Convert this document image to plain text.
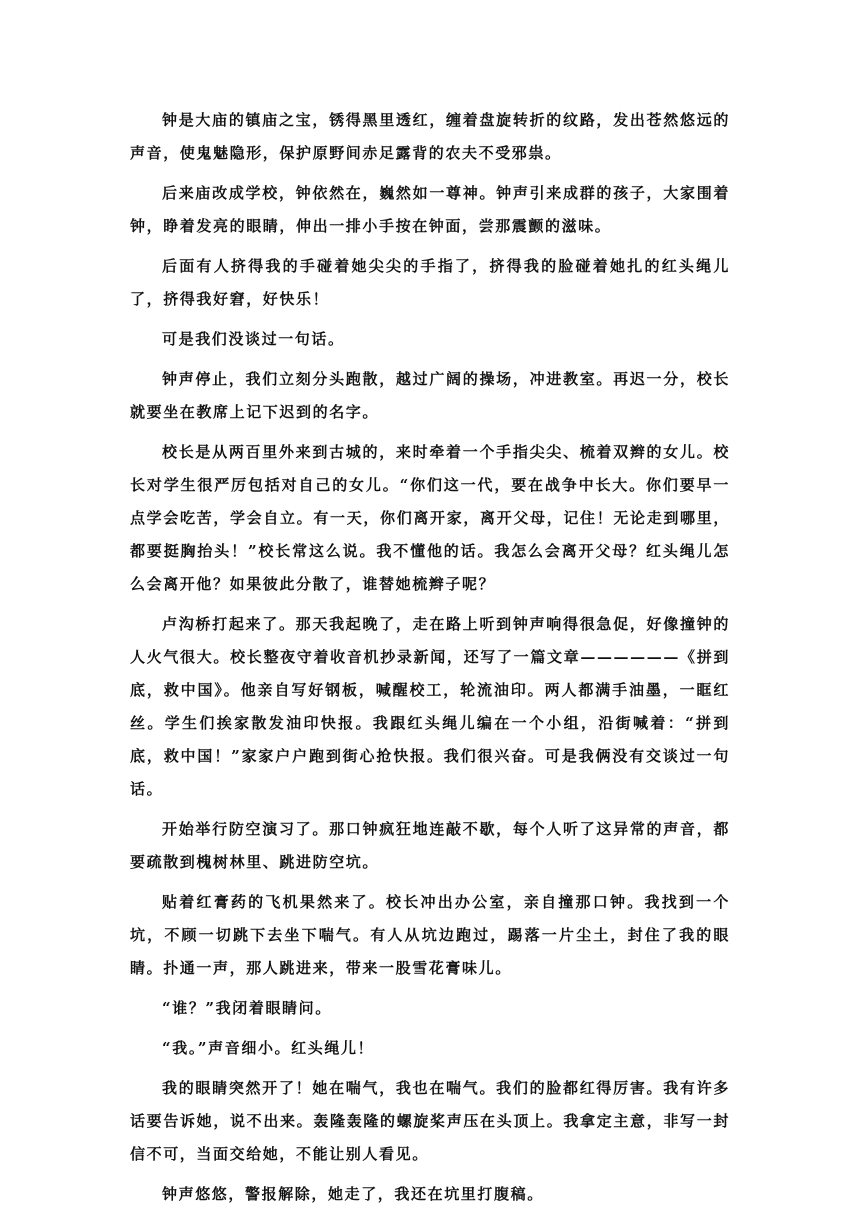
钟是大庙的镇庙之宝，锈得黑里透红，缠着盘旋转折的纹路，发出苍然悠远的声音，使鬼魅隐形，保护原野间赤足露背的农夫不受邪祟。

后来庙改成学校，钟依然在，巍然如一尊神。钟声引来成群的孩子，大家围着钟，睁着发亮的眼睛，伸出一排小手按在钟面，尝那震颤的滋味。

后面有人挤得我的手碰着她尖尖的手指了，挤得我的脸碰着她扎的红头绳儿了，挤得我好窘，好快乐！

可是我们没谈过一句话。

钟声停止，我们立刻分头跑散，越过广阔的操场，冲进教室。再迟一分，校长就要坐在教席上记下迟到的名字。

校长是从两百里外来到古城的，来时牵着一个手指尖尖、梳着双辫的女儿。校长对学生很严厉包括对自己的女儿。“你们这一代，要在战争中长大。你们要早一点学会吃苦，学会自立。有一天，你们离开家，离开父母，记住！无论走到哪里，都要挺胸抬头！”校长常这么说。我不懂他的话。我怎么会离开父母？红头绳儿怎么会离开他？如果彼此分散了，谁替她梳辫子呢？

卢沟桥打起来了。那天我起晚了，走在路上听到钟声响得很急促，好像撞钟的人火气很大。校长整夜守着收音机抄录新闻，还写了一篇文章——————《拼到底，救中国》。他亲自写好钢板，喊醒校工，轮流油印。两人都满手油墨，一眶红丝。学生们挨家散发油印快报。我跟红头绳儿编在一个小组，沿街喊着：“拼到底，救中国！”家家户户跑到街心抢快报。我们很兴奋。可是我俩没有交谈过一句话。

开始举行防空演习了。那口钟疯狂地连敲不歇，每个人听了这异常的声音，都要疏散到槐树林里、跳进防空坑。

贴着红膏药的飞机果然来了。校长冲出办公室，亲自撞那口钟。我找到一个坑，不顾一切跳下去坐下喘气。有人从坑边跑过，踢落一片尘土，封住了我的眼睛。扑通一声，那人跳进来，带来一股雪花膏味儿。

“谁？”我闭着眼睛问。

“我。”声音细小。红头绳儿！

我的眼睛突然开了！她在喘气，我也在喘气。我们的脸都红得厉害。我有许多话要告诉她，说不出来。轰隆轰隆的螺旋桨声压在头顶上。我拿定主意，非写一封信不可，当面交给她，不能让别人看见。

钟声悠悠，警报解除，她走了，我还在坑里打腹稿。
